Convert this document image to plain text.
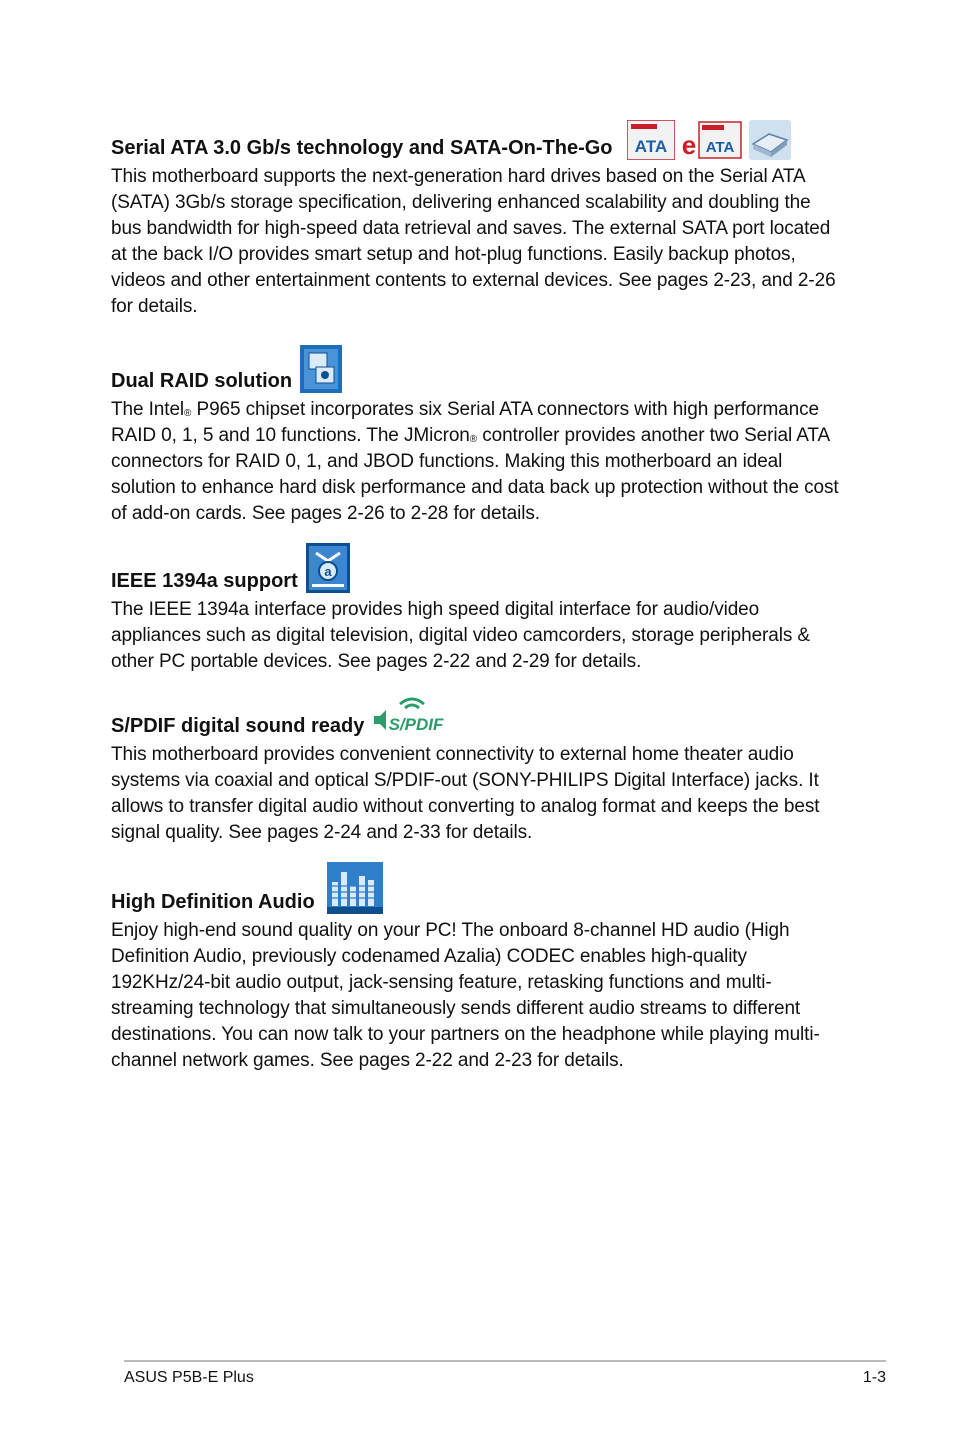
Serial ATA 3.0 Gb/s technology and SATA-On-The-Go ATA e ATA

This motherboard supports the next-generation hard drives based on the Serial ATA (SATA) 3Gb/s storage specification, delivering enhanced scalability and doubling the bus bandwidth for high-speed data retrieval and saves. The external SATA port located at the back I/O provides smart setup and hot-plug functions. Easily backup photos, videos and other entertainment contents to external devices. See pages 2-23, and 2-26 for details.

Dual RAID solution

The Intel® P965 chipset incorporates six Serial ATA connectors with high performance RAID 0, 1, 5 and 10 functions. The JMicron® controller provides another two Serial ATA connectors for RAID 0, 1, and JBOD functions. Making this motherboard an ideal solution to enhance hard disk performance and data back up protection without the cost of add-on cards. See pages 2-26 to 2-28 for details.

IEEE 1394a support a

The IEEE 1394a interface provides high speed digital interface for audio/video appliances such as digital television, digital video camcorders, storage peripherals & other PC portable devices. See pages 2-22 and 2-29 for details.

S/PDIF digital sound ready S/PDIF

This motherboard provides convenient connectivity to external home theater audio systems via coaxial and optical S/PDIF-out (SONY-PHILIPS Digital Interface) jacks. It allows to transfer digital audio without converting to analog format and keeps the best signal quality. See pages 2-24 and 2-33 for details.

High Definition Audio

Enjoy high-end sound quality on your PC! The onboard 8-channel HD audio (High Definition Audio, previously codenamed Azalia) CODEC enables high-quality 192KHz/24-bit audio output, jack-sensing feature, retasking functions and multi-streaming technology that simultaneously sends different audio streams to different destinations. You can now talk to your partners on the headphone while playing multi-channel network games. See pages 2-22 and 2-23 for details.

ASUS P5B-E Plus	1-3
